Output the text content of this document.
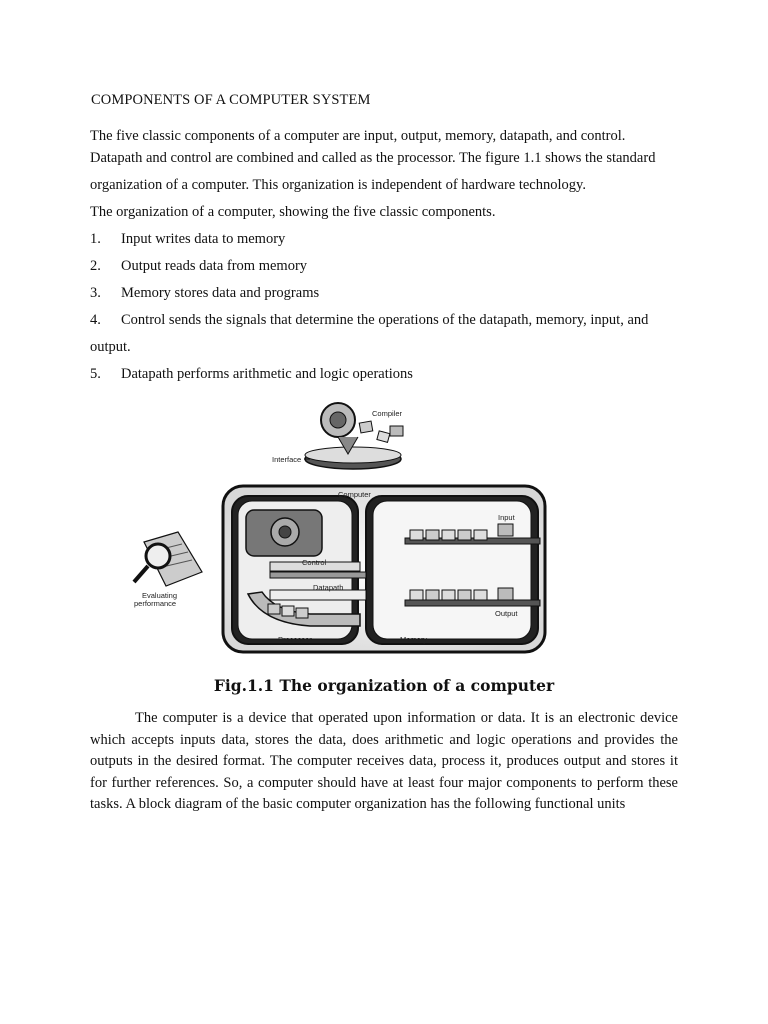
COMPONENTS OF A COMPUTER SYSTEM

The five classic components of a computer are input, output, memory, datapath, and control.

Datapath and control are combined and called as the processor. The figure 1.1 shows the standard

organization of a computer. This organization is independent of hardware technology.

The organization of a computer, showing the five classic components.

1. Input writes data to memory
2. Output reads data from memory
3. Memory stores data and programs
4. Control sends the signals that determine the operations of the datapath, memory, input, and
output.
5. Datapath performs arithmetic and logic operations
Compiler
Interface
Computer
Control
Datapath
Input
Output
Processor	Memory
Evaluating
performance

Fig.1.1 The organization of a computer

The computer is a device that operated upon information or data. It is an electronic device which accepts inputs data, stores the data, does arithmetic and logic operations and provides the outputs in the desired format. The computer receives data, process it, produces output and stores it for further references. So, a computer should have at least four major components to perform these tasks. A block diagram of the basic computer organization has the following functional units
